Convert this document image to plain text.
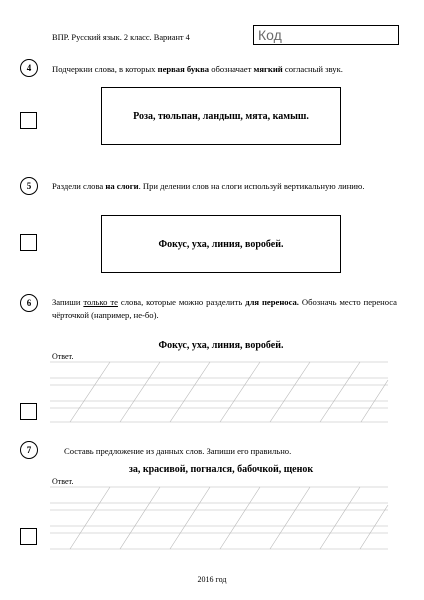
ВПР. Русский язык. 2 класс. Вариант 4	Код
4	Подчеркни слова, в которых первая буква обозначает мягкий согласный звук.
Роза, тюльпан, ландыш, мята, камыш.
5	Раздели слова на слоги. При делении слов на слоги используй вертикальную линию.
Фокус, уха, линия, воробей.
6	Запиши только те слова, которые можно разделить для переноса. Обозначь место переноса чёрточкой (например, не-бо).
Фокус, уха, линия, воробей.
Ответ.
7	Составь предложение из данных слов. Запиши его правильно.
за, красивой, погнался, бабочкой, щенок
Ответ.
2016 год
